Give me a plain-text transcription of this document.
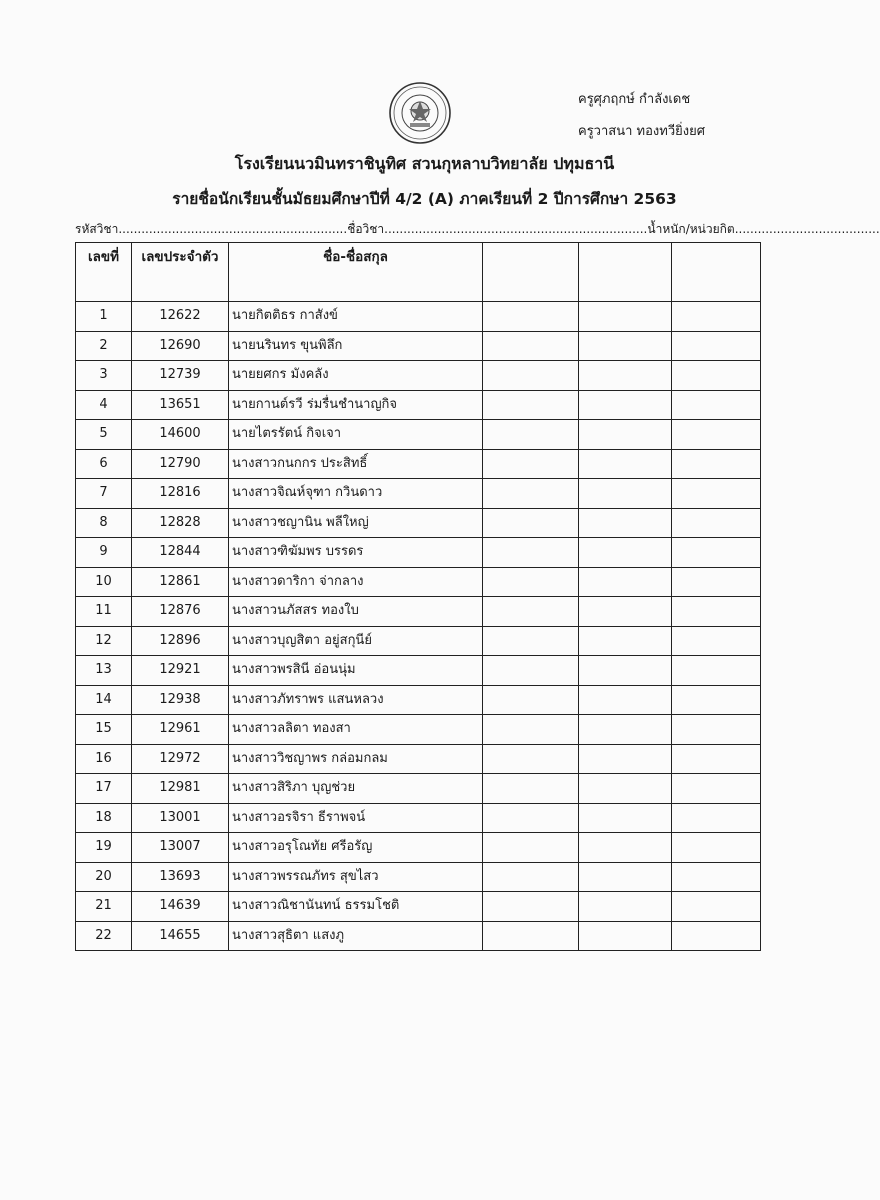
ครูศุภฤกษ์ กำลังเดช
ครูวาสนา ทองทวียิ่งยศ
โรงเรียนนวมินทราชินูทิศ สวนกุหลาบวิทยาลัย ปทุมธานี
รายชื่อนักเรียนชั้นมัธยมศึกษาปีที่ 4/2 (A) ภาคเรียนที่ 2 ปีการศึกษา 2563
รหัสวิชา............................................................ชื่อวิชา.....................................................................น้ำหนัก/หน่วยกิต......................................
เลขที่	เลขประจำตัว	ชื่อ-ชื่อสกุล			
1	12622	นายกิตติธร กาสังข์			
2	12690	นายนรินทร ขุนพิลึก			
3	12739	นายยศกร มังคลัง			
4	13651	นายกานต์รวี ร่มรื่นชำนาญกิจ			
5	14600	นายไตรรัตน์ กิจเจา			
6	12790	นางสาวกนกกร ประสิทธิ์			
7	12816	นางสาวจิณห์จุฑา กวินดาว			
8	12828	นางสาวชญานิน พลีใหญ่			
9	12844	นางสาวฑิฆัมพร บรรดร			
10	12861	นางสาวดาริกา จ่ากลาง			
11	12876	นางสาวนภัสสร ทองใบ			
12	12896	นางสาวบุญสิตา อยู่สกุนีย์			
13	12921	นางสาวพรสินี อ่อนนุ่ม			
14	12938	นางสาวภัทราพร แสนหลวง			
15	12961	นางสาวลลิตา ทองสา			
16	12972	นางสาววิชญาพร กล่อมกลม			
17	12981	นางสาวสิริภา บุญช่วย			
18	13001	นางสาวอรจิรา ธีราพจน์			
19	13007	นางสาวอรุโณทัย ศรีอรัญ			
20	13693	นางสาวพรรณภัทร สุขไสว			
21	14639	นางสาวณิชานันทน์ ธรรมโชติ			
22	14655	นางสาวสุธิตา แสงภู			
